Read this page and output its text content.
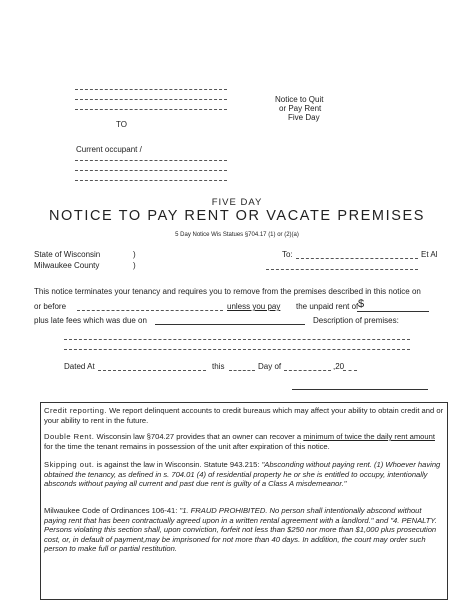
Notice to Quit
or Pay Rent
Five Day
TO
Current occupant /
FIVE DAY
NOTICE TO PAY RENT OR VACATE PREMISES
5 Day Notice Wis Statues §704.17 (1) or (2)(a)
State of Wisconsin
Milwaukee County
)
)
To:	Et Al
This notice terminates your tenancy and requires you to remove from the premises described in this notice on
or before	unless you pay the unpaid rent of $
plus late fees which was due on	Description of premises:
Dated At	this	Day of	,20
Credit reporting. We report delinquent accounts to credit bureaus which may affect your ability to obtain credit and or your ability to rent in the future.
Double Rent. Wisconsin law §704.27 provides that an owner can recover a minimum of twice the daily rent amount for the time the tenant remains in possession of the unit after expiration of this notice.
Skipping out. is against the law in Wisconsin. Statute 943.215: "Absconding without paying rent. (1) Whoever having obtained the tenancy, as defined in s. 704.01 (4) of residential property he or she is entitled to occupy, intentionally absconds without paying all current and past due rent is guilty of a Class A misdemeanor."
Milwaukee Code of Ordinances 106-41: "1. FRAUD PROHIBITED. No person shall intentionally abscond without paying rent that has been contractually agreed upon in a written rental agreement with a landlord." and "4. PENALTY. Persons violating this section shall, upon conviction, forfeit not less than $250 nor more than $1,000 plus prosecution cost, or, in default of payment,may be imprisoned for not more than 40 days. In addition, the court may order such person to make full or partial restitution.
